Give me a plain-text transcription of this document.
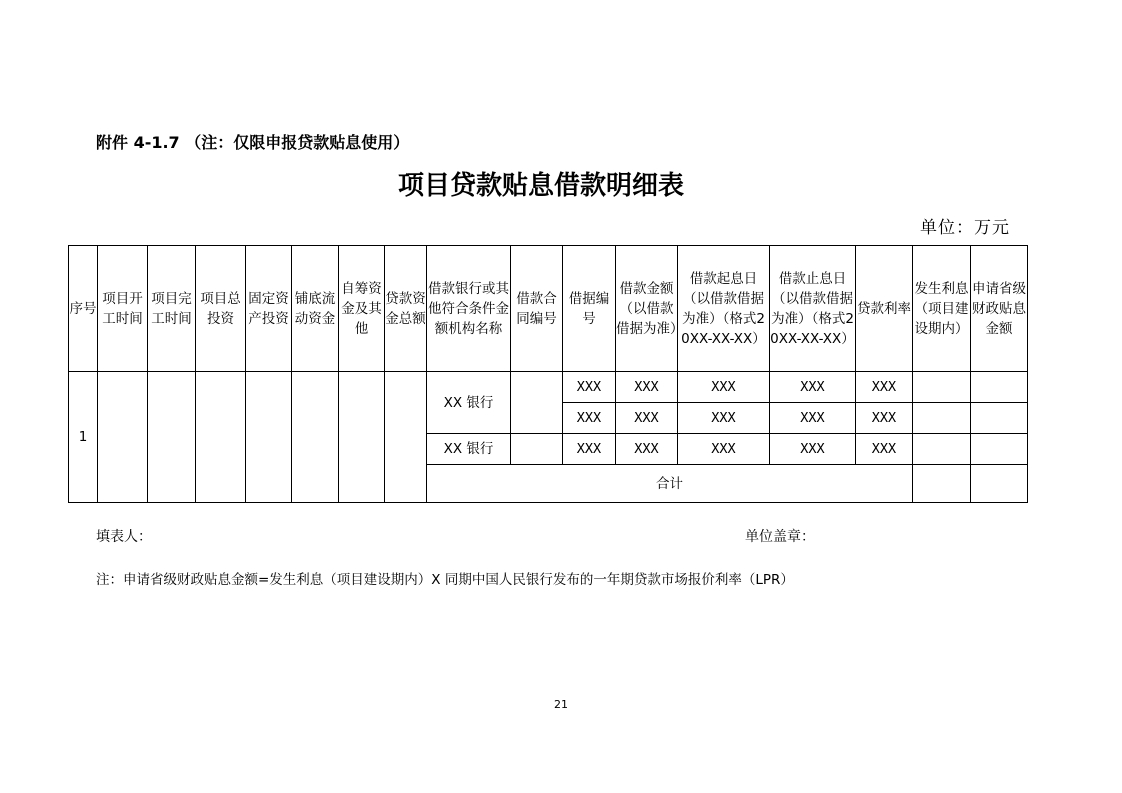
附件 4-1.7 （注：仅限申报贷款贴息使用）
项目贷款贴息借款明细表
单位：万元
序号	项目开工时间	项目完工时间	项目总投资	固定资产投资	铺底流动资金	自筹资金及其他	贷款资金总额	借款银行或其他符合条件金额机构名称	借款合同编号	借据编号	借款金额（以借款借据为准）	借款起息日（以借款借据为准）（格式20XX-XX-XX）	借款止息日（以借款借据为准）（格式20XX-XX-XX）	贷款利率	发生利息（项目建设期内）	申请省级财政贴息金额
1								XX 银行		XXX	XXX	XXX	XXX	XXX		
										XXX	XXX	XXX	XXX	XXX		
								XX 银行		XXX	XXX	XXX	XXX	XXX		
								合计								
填表人：	单位盖章：
注：申请省级财政贴息金额=发生利息（项目建设期内）X 同期中国人民银行发布的一年期贷款市场报价利率（LPR）
21
